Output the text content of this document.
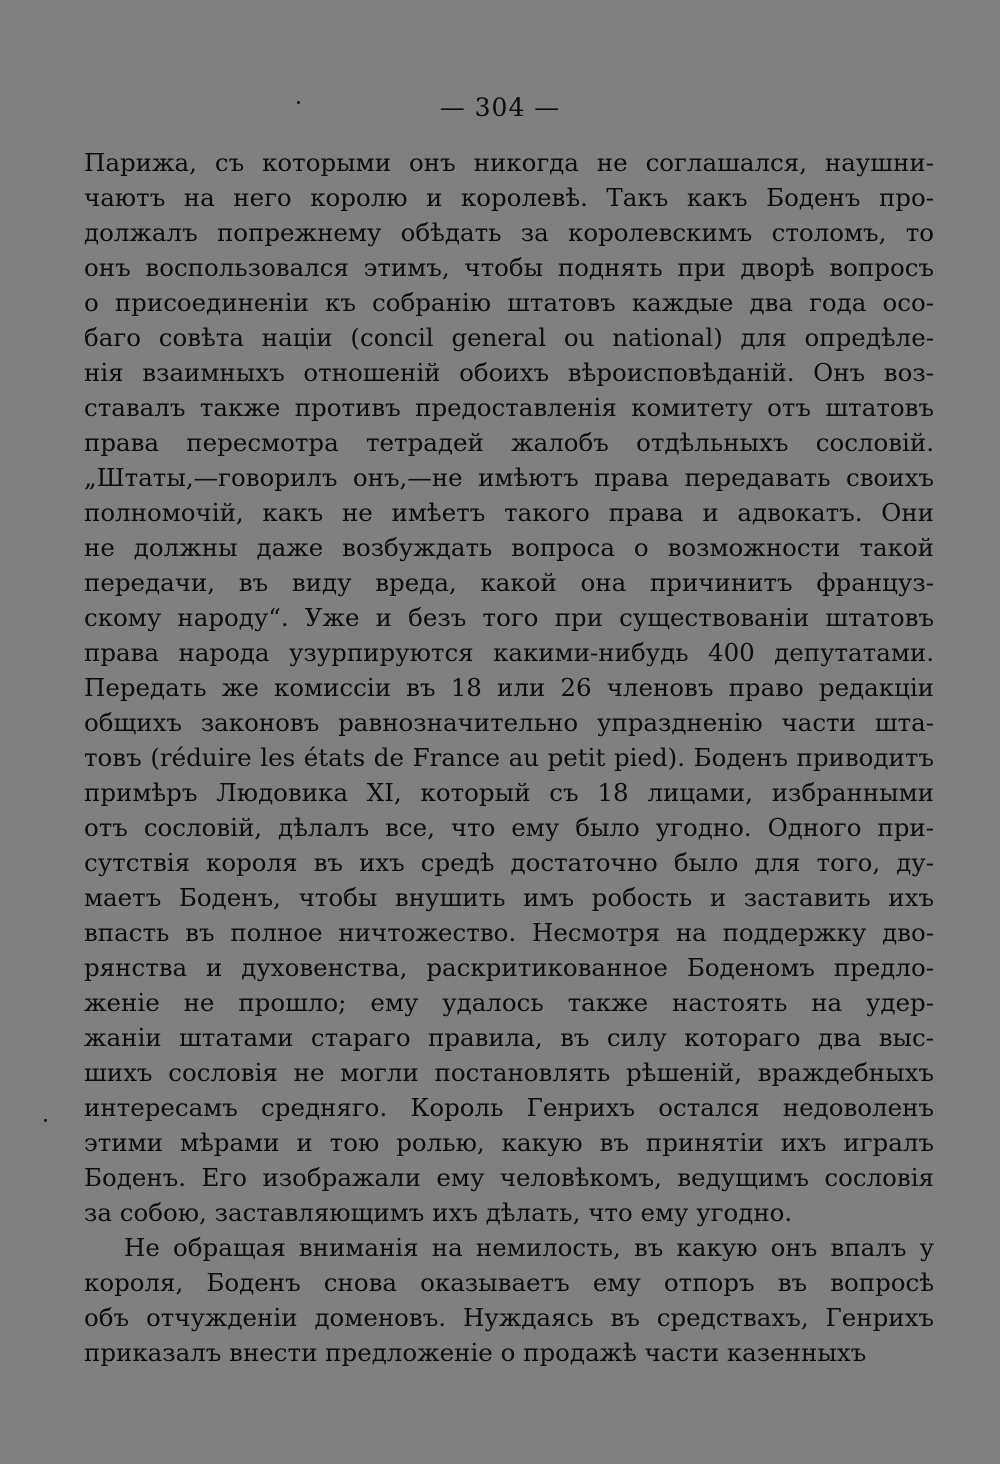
— 304 —

Парижа, съ которыми онъ никогда не соглашался, наушни-
чаютъ на него королю и королевѣ. Такъ какъ Боденъ про-
должалъ попрежнему обѣдать за королевскимъ столомъ, то
онъ воспользовался этимъ, чтобы поднять при дворѣ вопросъ
о присоединеніи къ собранію штатовъ каждые два года осо-
баго совѣта націи (concil general ou national) для опредѣле-
нія взаимныхъ отношеній обоихъ вѣроисповѣданій. Онъ воз-
ставалъ также противъ предоставленія комитету отъ штатовъ
права пересмотра тетрадей жалобъ отдѣльныхъ сословій.
„Штаты,—говорилъ онъ,—не имѣютъ права передавать своихъ
полномочій, какъ не имѣетъ такого права и адвокатъ. Они
не должны даже возбуждать вопроса о возможности такой
передачи, въ виду вреда, какой она причинитъ француз-
скому народу“. Уже и безъ того при существованіи штатовъ
права народа узурпируются какими-нибудь 400 депутатами.
Передать же комиссіи въ 18 или 26 членовъ право редакціи
общихъ законовъ равнозначительно упраздненію части шта-
товъ (réduire les états de France au petit pied). Боденъ приводитъ
примѣръ Людовика XI, который съ 18 лицами, избранными
отъ сословій, дѣлалъ все, что ему было угодно. Одного при-
сутствія короля въ ихъ средѣ достаточно было для того, ду-
маетъ Боденъ, чтобы внушить имъ робость и заставить ихъ
впасть въ полное ничтожество. Несмотря на поддержку дво-
рянства и духовенства, раскритикованное Боденомъ предло-
женіе не прошло; ему удалось также настоять на удер-
жаніи штатами стараго правила, въ силу котораго два выс-
шихъ сословія не могли постановлять рѣшеній, враждебныхъ
интересамъ средняго. Король Генрихъ остался недоволенъ
этими мѣрами и тою ролью, какую въ принятіи ихъ игралъ
Боденъ. Его изображали ему человѣкомъ, ведущимъ сословія
за собою, заставляющимъ ихъ дѣлать, что ему угодно.

Не обращая вниманія на немилость, въ какую онъ впалъ у
короля, Боденъ снова оказываетъ ему отпоръ въ вопросѣ
объ отчужденіи доменовъ. Нуждаясь въ средствахъ, Генрихъ
приказалъ внести предложеніе о продажѣ части казенныхъ
